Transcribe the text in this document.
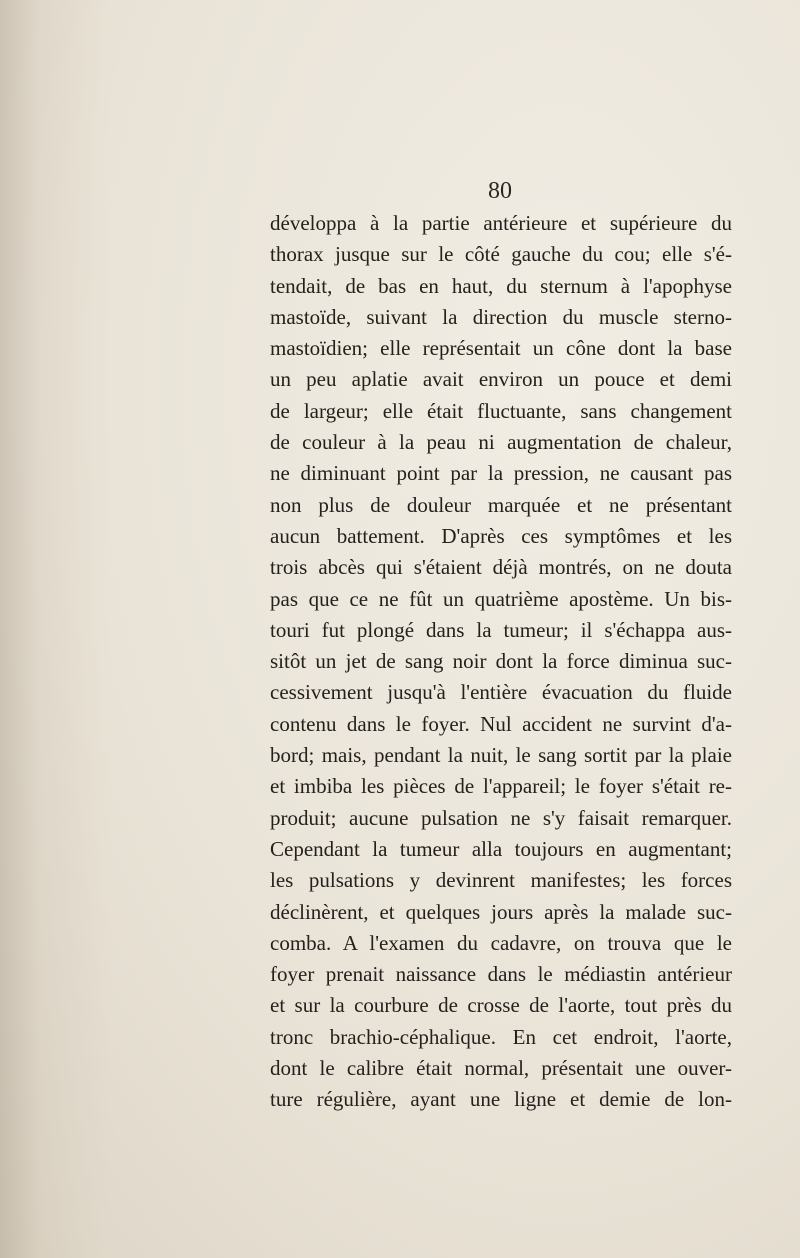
80
développa à la partie antérieure et supérieure du
thorax jusque sur le côté gauche du cou; elle s'é-
tendait, de bas en haut, du sternum à l'apophyse
mastoïde, suivant la direction du muscle sterno-
mastoïdien; elle représentait un cône dont la base
un peu aplatie avait environ un pouce et demi
de largeur; elle était fluctuante, sans changement
de couleur à la peau ni augmentation de chaleur,
ne diminuant point par la pression, ne causant pas
non plus de douleur marquée et ne présentant
aucun battement. D'après ces symptômes et les
trois abcès qui s'étaient déjà montrés, on ne douta
pas que ce ne fût un quatrième apostème. Un bis-
touri fut plongé dans la tumeur; il s'échappa aus-
sitôt un jet de sang noir dont la force diminua suc-
cessivement jusqu'à l'entière évacuation du fluide
contenu dans le foyer. Nul accident ne survint d'a-
bord; mais, pendant la nuit, le sang sortit par la plaie
et imbiba les pièces de l'appareil; le foyer s'était re-
produit; aucune pulsation ne s'y faisait remarquer.
Cependant la tumeur alla toujours en augmentant;
les pulsations y devinrent manifestes; les forces
déclinèrent, et quelques jours après la malade suc-
comba. A l'examen du cadavre, on trouva que le
foyer prenait naissance dans le médiastin antérieur
et sur la courbure de crosse de l'aorte, tout près du
tronc brachio-céphalique. En cet endroit, l'aorte,
dont le calibre était normal, présentait une ouver-
ture régulière, ayant une ligne et demie de lon-
